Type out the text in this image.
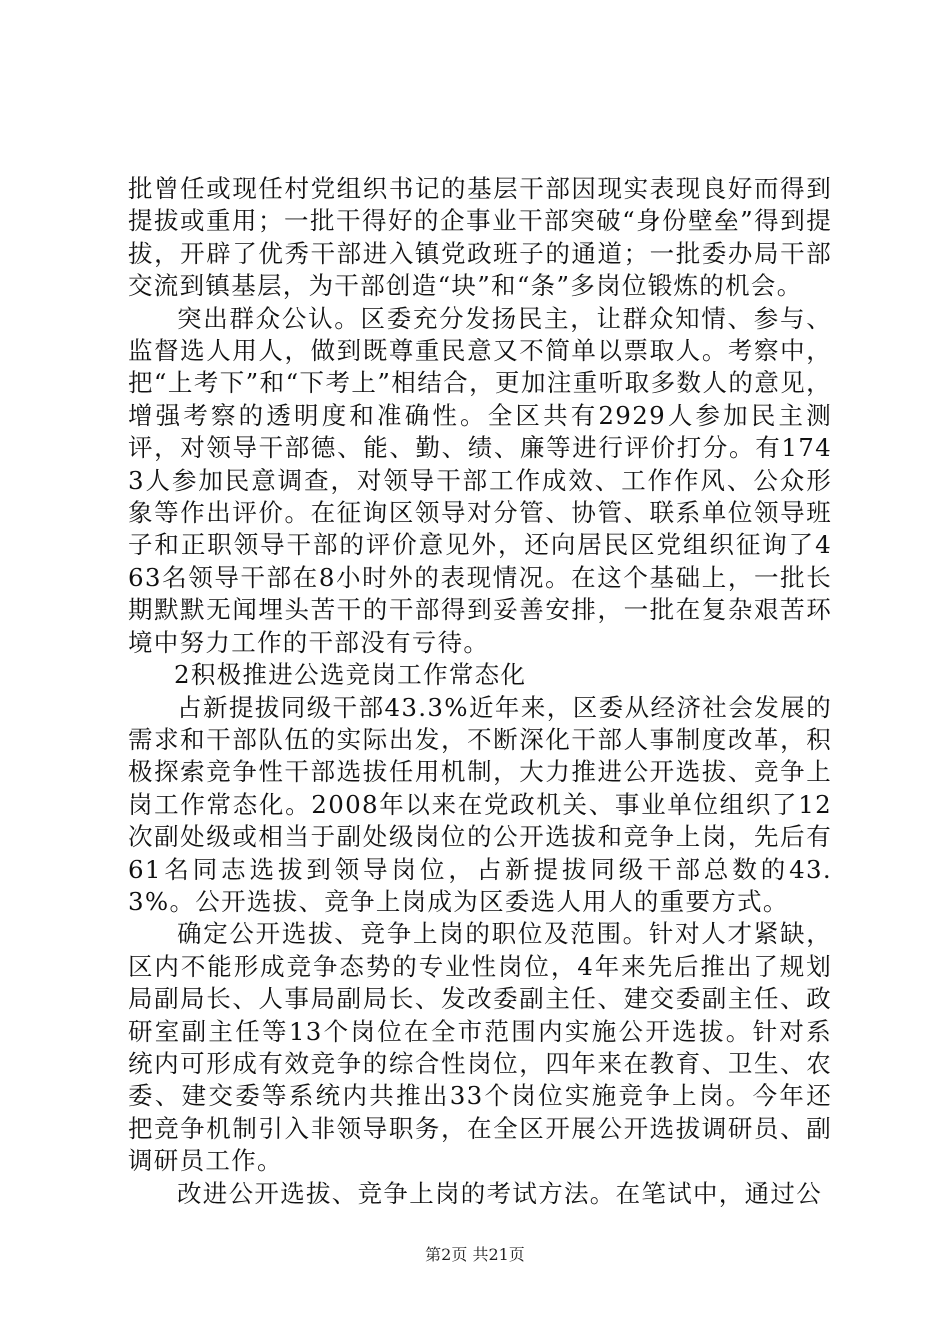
批曾任或现任村党组织书记的基层干部因现实表现良好而得到提拔或重用；一批干得好的企事业干部突破“身份壁垒”得到提拔，开辟了优秀干部进入镇党政班子的通道；一批委办局干部交流到镇基层，为干部创造“块”和“条”多岗位锻炼的机会。

突出群众公认。区委充分发扬民主，让群众知情、参与、监督选人用人，做到既尊重民意又不简单以票取人。考察中，把“上考下”和“下考上”相结合，更加注重听取多数人的意见，增强考察的透明度和准确性。全区共有2929人参加民主测评，对领导干部德、能、勤、绩、廉等进行评价打分。有1743人参加民意调查，对领导干部工作成效、工作作风、公众形象等作出评价。在征询区领导对分管、协管、联系单位领导班子和正职领导干部的评价意见外，还向居民区党组织征询了463名领导干部在8小时外的表现情况。在这个基础上，一批长期默默无闻埋头苦干的干部得到妥善安排，一批在复杂艰苦环境中努力工作的干部没有亏待。

2积极推进公选竞岗工作常态化

占新提拔同级干部43.3%近年来，区委从经济社会发展的需求和干部队伍的实际出发，不断深化干部人事制度改革，积极探索竞争性干部选拔任用机制，大力推进公开选拔、竞争上岗工作常态化。2008年以来在党政机关、事业单位组织了12次副处级或相当于副处级岗位的公开选拔和竞争上岗，先后有61名同志选拔到领导岗位，占新提拔同级干部总数的43.3%。公开选拔、竞争上岗成为区委选人用人的重要方式。

确定公开选拔、竞争上岗的职位及范围。针对人才紧缺，区内不能形成竞争态势的专业性岗位，4年来先后推出了规划局副局长、人事局副局长、发改委副主任、建交委副主任、政研室副主任等13个岗位在全市范围内实施公开选拔。针对系统内可形成有效竞争的综合性岗位，四年来在教育、卫生、农委、建交委等系统内共推出33个岗位实施竞争上岗。今年还把竞争机制引入非领导职务，在全区开展公开选拔调研员、副调研员工作。

改进公开选拔、竞争上岗的考试方法。在笔试中，通过公

第2页 共21页
